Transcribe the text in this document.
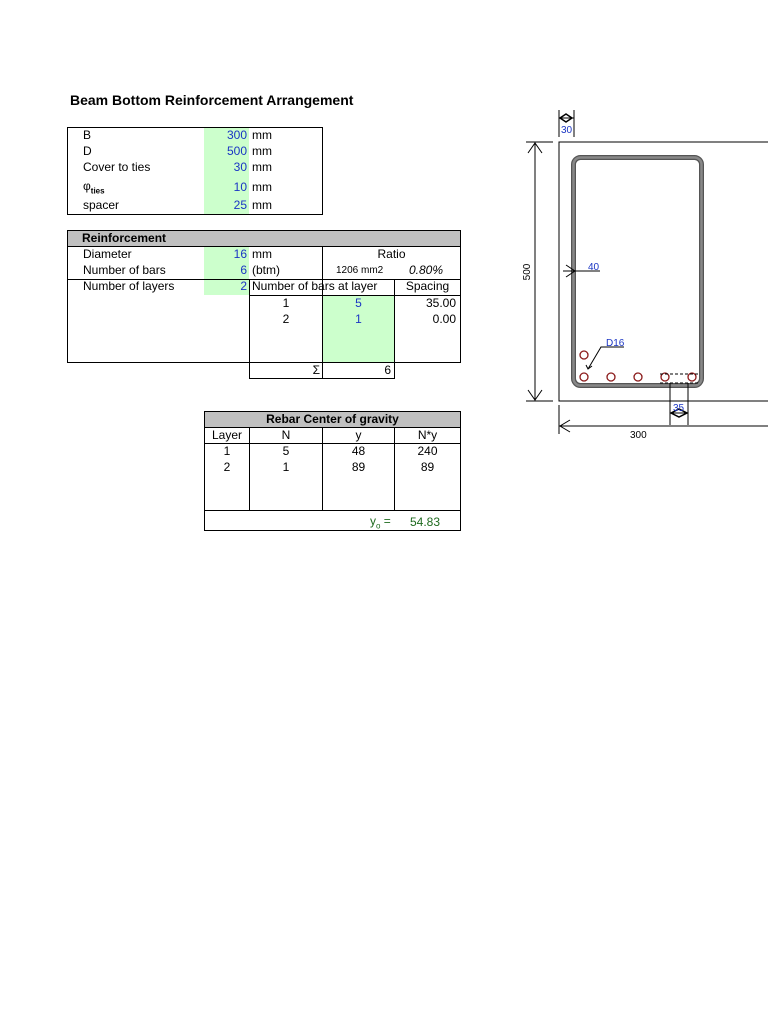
Beam Bottom Reinforcement Arrangement
B	300 mm
D	500 mm
Cover to ties	30 mm
$\varphi_{ties}$	10 mm
spacer	25 mm
Reinforcement
Diameter	16 mm	Ratio
Number of bars	6 (btm)	1206 mm2 0.80%
Number of layers	2 Number of bars at layer	Spacing
1	5	35.00
2	1	0.00
Σ	6
Rebar Center of gravity
Layer	N	y	N*y
1	5	48	240
2	1	89	89
$y_o = 54.83$
30
500	40
D16
35
300
